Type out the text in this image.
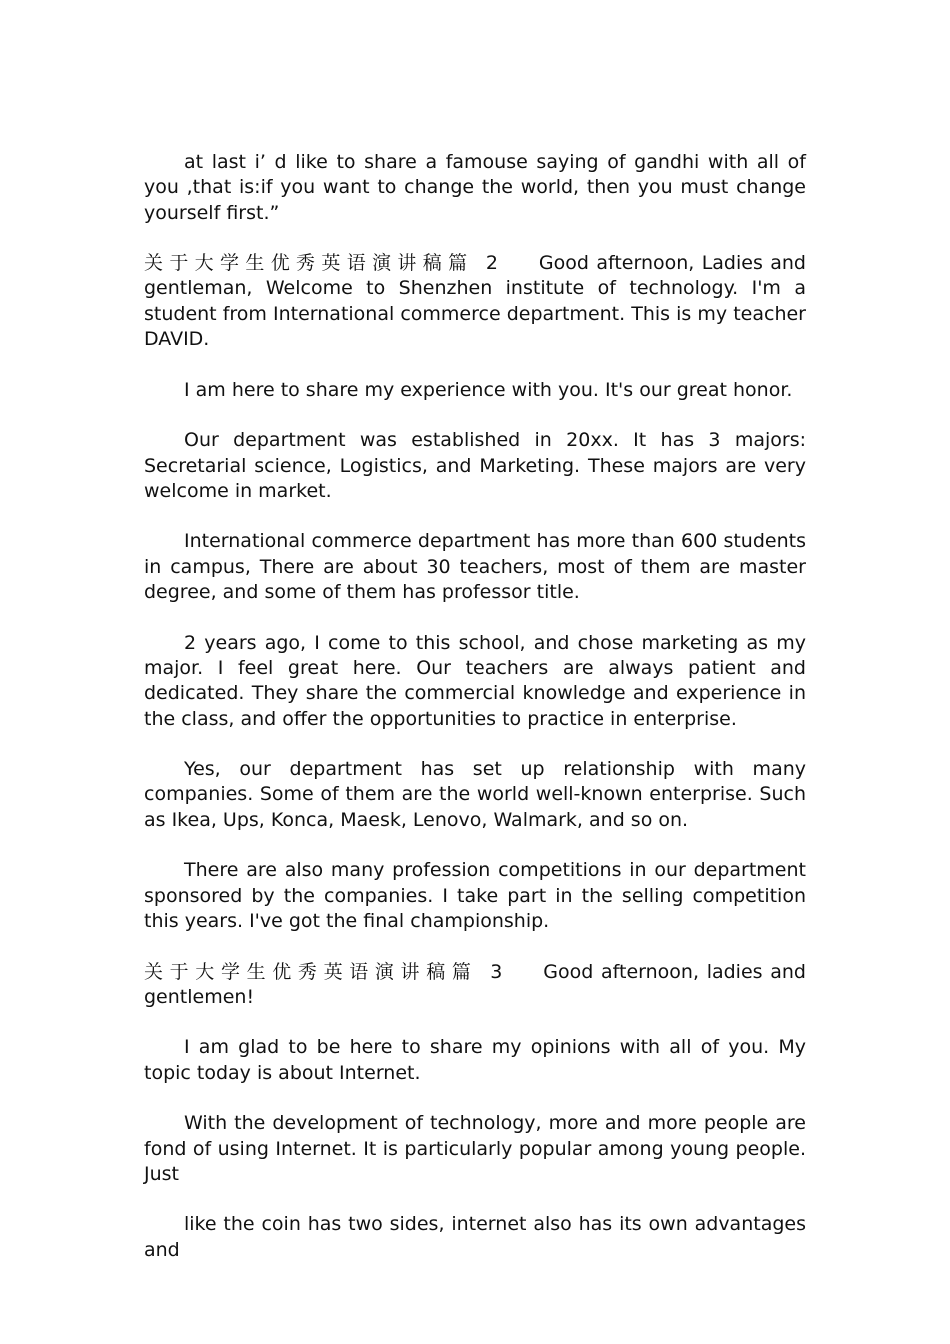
at last i’ d like to share a famouse saying of gandhi with all of you ,that is:if you want to change the world, then you must change yourself first.”

关于大学生优秀英语演讲稿篇 2 Good afternoon, Ladies and gentleman, Welcome to Shenzhen institute of technology. I'm a student from International commerce department. This is my teacher DAVID.

I am here to share my experience with you. It's our great honor.

Our department was established in 20xx. It has 3 majors: Secretarial science, Logistics, and Marketing. These majors are very welcome in market.

International commerce department has more than 600 students in campus, There are about 30 teachers, most of them are master degree, and some of them has professor title.

2 years ago, I come to this school, and chose marketing as my major. I feel great here. Our teachers are always patient and dedicated. They share the commercial knowledge and experience in the class, and offer the opportunities to practice in enterprise.

Yes, our department has set up relationship with many companies. Some of them are the world well-known enterprise. Such as Ikea, Ups, Konca, Maesk, Lenovo, Walmark, and so on.

There are also many profession competitions in our department sponsored by the companies. I take part in the selling competition this years. I've got the final championship.

关于大学生优秀英语演讲稿篇 3 Good afternoon, ladies and gentlemen!

I am glad to be here to share my opinions with all of you. My topic today is about Internet.

With the development of technology, more and more people are fond of using Internet. It is particularly popular among young people. Just

like the coin has two sides, internet also has its own advantages and
